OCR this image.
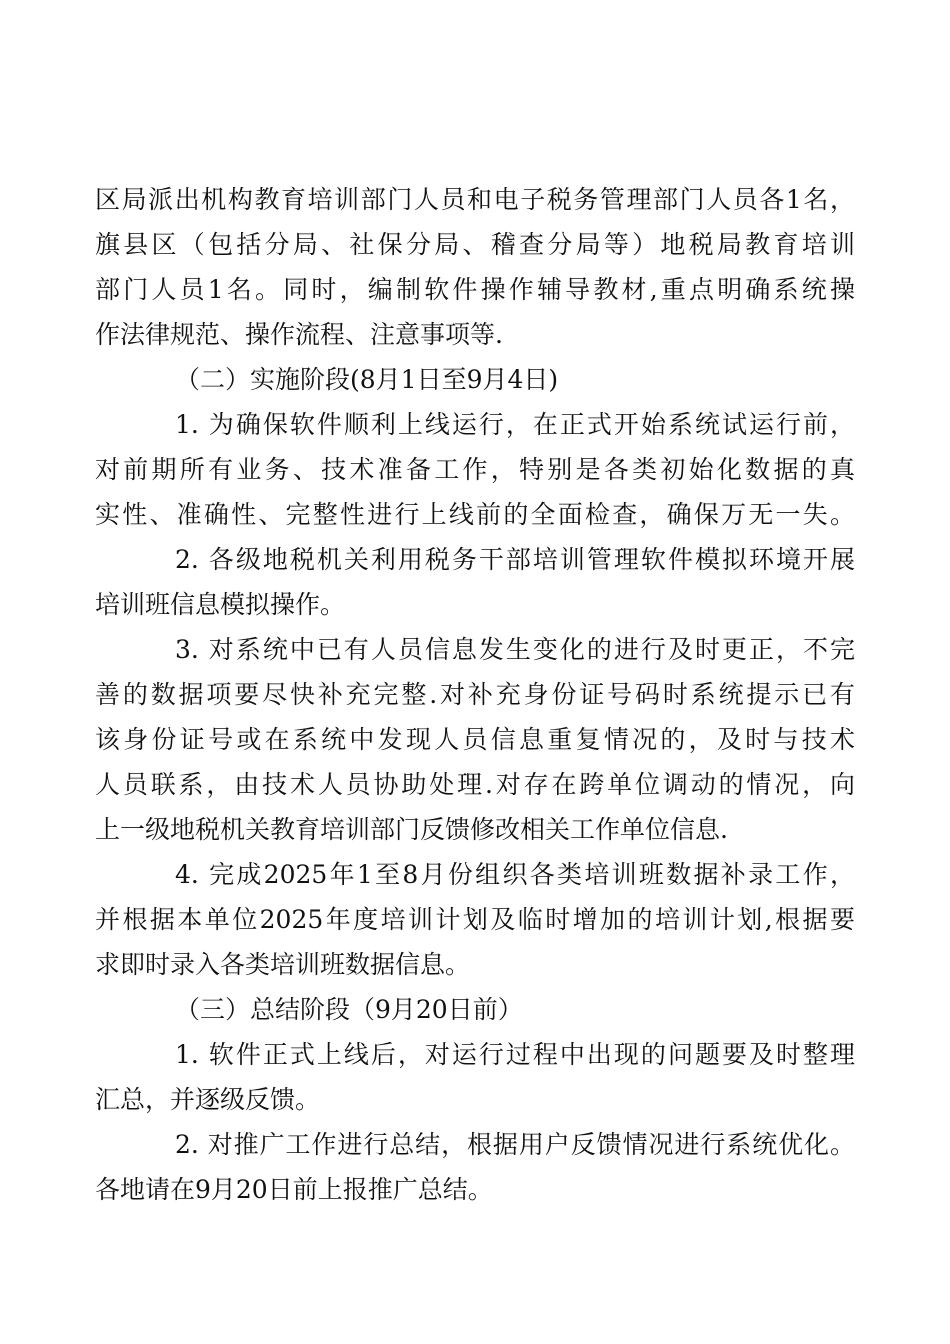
区局派出机构教育培训部门人员和电子税务管理部门人员各1名，
旗县区（包括分局、社保分局、稽查分局等）地税局教育培训
部门人员1名。同时，编制软件操作辅导教材,重点明确系统操
作法律规范、操作流程、注意事项等.
（二）实施阶段(8月1日至9月4日)
1. 为确保软件顺利上线运行，在正式开始系统试运行前，
对前期所有业务、技术准备工作，特别是各类初始化数据的真
实性、准确性、完整性进行上线前的全面检查，确保万无一失。
2. 各级地税机关利用税务干部培训管理软件模拟环境开展
培训班信息模拟操作。
3. 对系统中已有人员信息发生变化的进行及时更正，不完
善的数据项要尽快补充完整.对补充身份证号码时系统提示已有
该身份证号或在系统中发现人员信息重复情况的，及时与技术
人员联系，由技术人员协助处理.对存在跨单位调动的情况，向
上一级地税机关教育培训部门反馈修改相关工作单位信息.
4. 完成2025年1至8月份组织各类培训班数据补录工作，
并根据本单位2025年度培训计划及临时增加的培训计划,根据要
求即时录入各类培训班数据信息。
（三）总结阶段（9月20日前）
1. 软件正式上线后，对运行过程中出现的问题要及时整理
汇总，并逐级反馈。
2. 对推广工作进行总结，根据用户反馈情况进行系统优化。
各地请在9月20日前上报推广总结。
